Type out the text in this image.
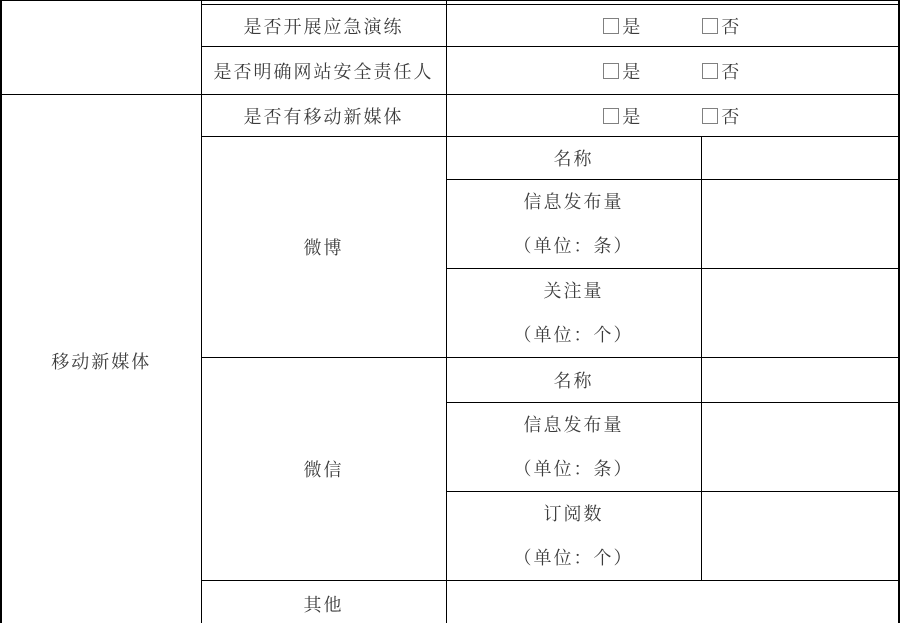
	是否开展应急演练	是 否	

	是否明确网站安全责任人	是 否	

移动新媒体	是否有移动新媒体	是 否	

	微博	名称	

		信息发布量
（单位：条）	

		关注量
（单位：个）	

	微信	名称	

		信息发布量
（单位：条）	

		订阅数
（单位：个）	

	其他		
